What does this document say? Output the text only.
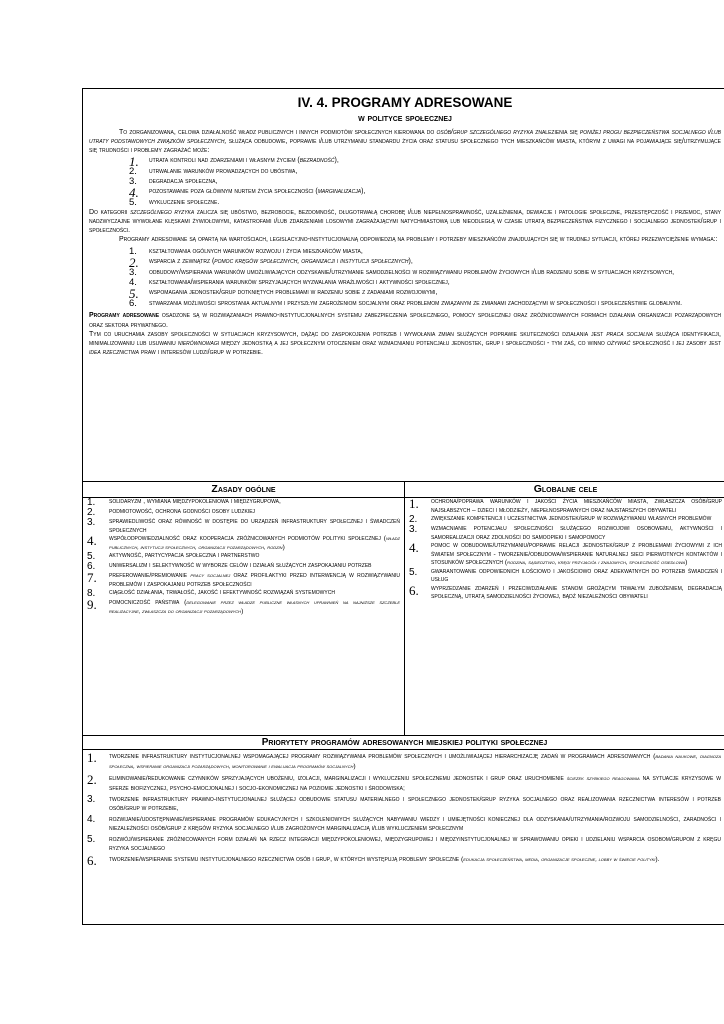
IV. 4. PROGRAMY ADRESOWANE
w polityce społecznej

To zorganizowana, celowa działalność władz publicznych i innych podmiotów społecznych kierowana do osób/grup szczególnego ryzyka znalezienia się poniżej progu bezpieczeństwa socjalnego i/lub utraty podstawowych związków społecznych, służąca odbudowie, poprawie i/lub utrzymaniu standardu życia oraz statusu społecznego tych mieszkańców miasta, którym z uwagi na pojawiające się/utrzymujące się trudności i problemy zagrażać może:

1.	utrata kontroli nad zdarzeniami i własnym życiem (bezradność),
2.	utrwalanie warunków prowadzących do ubóstwa,
3.	degradacja społeczna,
4.	pozostawanie poza głównym nurtem życia społeczności (marginalizacja),
5.	wykluczenie społeczne.

Do kategorii szczególnego ryzyka zalicza się ubóstwo, bezrobocie, bezdomność, długotrwałą chorobę i/lub niepełnosprawność, uzależnienia, dewiacje i patologie społeczne, przestępczość i przemoc, stany nadzwyczajne wywołane klęskami żywiołowymi, katastrofami i/lub zdarzeniami losowymi zagrażającymi natychmiastową lub nieodległą w czasie utratą bezpieczeństwa fizycznego i socjalnego jednostek/grup i społeczności.

Programy adresowane są opartą na wartościach, legislacyjno-instytucjonalną odpowiedzią na problemy i potrzeby mieszkańców znajdujących się w trudnej sytuacji, której przezwyciężenie wymaga::

1.	kształtowania ogólnych warunków rozwoju i życia mieszkańców miasta,
2.	wsparcia z zewnątrz (pomoc kręgów społecznych, organizacji i instytucji społecznych),
3.	odbudowy/wspierania warunków umożliwiających odzyskanie/utrzymanie samodzielności w rozwiązywaniu problemów życiowych i/lub radzeniu sobie w sytuacjach kryzysowych,
4.	kształtowania/wspierania warunków sprzyjających wyzwalania wrażliwości i aktywności społecznej,
5.	wspomagania jednostek/grup dotkniętych problemami w radzeniu sobie z zadaniami rozwojowymi,
6.	stwarzania możliwości sprostania aktualnym i przyszłym zagrożeniom socjalnym oraz problemom związanym ze zmianami zachodzącymi w społeczności i społeczeństwie globalnym.

Programy adresowane osadzone są w rozwiązaniach prawno-instytucjonalnych systemu zabezpieczenia społecznego, pomocy społecznej oraz zróżnicowanych formach działania organizacji pozarządowych oraz sektora prywatnego.

Tym co uruchamia zasoby społeczności w sytuacjach kryzysowych, dążąc do zaspokojenia potrzeb i wywołania zmian służących poprawie skuteczności działania jest praca socjalna służąca identyfikacji, minimalizowaniu lub usuwaniu nierównowagi między jednostką a jej społecznym otoczeniem oraz wzmacnianiu potencjału jednostek, grup i społeczności - tym zaś, co winno ożywiać społeczność i jej zasoby jest idea rzecznictwa praw i interesów ludzi/grup w potrzebie.

Zasady ogólne
1.	solidaryzm , wymiana międzypokoleniowa i międzygrupowa,
2.	podmiotowość, ochrona godności osoby ludzkiej
3.	sprawiedliwość oraz równość w dostępie do urządzeń infrastruktury społecznej i świadczeń społecznych
4.	współodpowiedzialność oraz kooperacja zróżnicowanych podmiotów polityki społecznej (władz publicznych, instytucji społecznych, organizacji pozarządowych, rodzin)
5.	aktywność, partycypacja społeczna i partnerstwo
6.	uniwersalizm i selektywność w wyborze celów i działań służących zaspokajaniu potrzeb
7.	preferowanie/premiowanie pracy socjalnej oraz profilaktyki przed interwencją w rozwiązywaniu problemów i zaspokajaniu potrzeb społeczności
8.	ciągłość działania, trwałość, jakość i efektywność rozwiązań systemowych
9.	pomocniczość państwa (delegowanie przez władze publiczne własnych uprawnień na najniższe szczeble realizacyjne, zwłaszcza do organizacji pozarządowych)
Globalne cele
1.	ochrona/poprawa warunków i jakości życia mieszkańców miasta, zwłaszcza osób/grup najsłabszych – dzieci i młodzieży, niepełnosprawnych oraz najstarszych obywateli
2.	zwiększanie kompetencji i uczestnictwa jednostek/grup w rozwiązywaniu własnych problemów
3.	wzmacnianie potencjału społeczności służącego rozwojowi osobowemu, aktywności i samorealizacji oraz zdolności do samoopieki i samopomocy
4.	pomoc w odbudowie/utrzymaniu/poprawie relacji jednostek/grup z problemami życiowymi z ich światem społecznym - tworzenie/odbudowa/wspieranie naturalnej sieci pierwotnych kontaktów i stosunków społecznych (rodzina, sąsiedztwo, kręgi przyjaciół i znajomych, społeczność osiedlowa)
5.	gwarantowanie odpowiednich ilościowo i jakościowo oraz adekwatnych do potrzeb świadczeń i usług
6.	wyprzedzanie zdarzeń i przeciwdziałanie stanom grożącym trwałym zubożeniem, degradacją społeczną, utratą samodzielności życiowej, bądź niezależności obywateli
Priorytety programów adresowanych miejskiej polityki społecznej
1.	tworzenie infrastruktury instytucjonalnej wspomagającej programy rozwiązywania problemów społecznych i umożliwiającej hierarchizację zadań w programach adresowanych (badania naukowe, diagnoza społeczna, wspieranie organizacji pozarządowych, monitorowanie i ewaluacja programów socjalnych)
2.	eliminowanie/redukowanie czynników sprzyjających ubożeniu, izolacji, marginalizacji i wykluczeniu społecznemu jednostek i grup oraz uruchomienie ścieżek szybkiego reagowania na sytuacje kryzysowe w sferze biofizycznej, psycho-emocjonalnej i socjo-ekonomicznej na poziomie jednostki i środowiska;
3.	tworzenie infrastruktury prawno-instytucjonalnej służącej odbudowie statusu materialnego i społecznego jednostek/grup ryzyka socjalnego oraz realizowania rzecznictwa interesów i potrzeb osób/grup w potrzebie,
4.	rozwijanie/udostępnianie/wspieranie programów edukacyjnych i szkoleniowych służących nabywaniu wiedzy i umiejętności koniecznej dla odzyskania/utrzymania/rozwoju samodzielności, zaradności i niezależności osób/grup z kręgów ryzyka socjalnego i/lub zagrożonych marginalizacją i/lub wykluczeniem społecznym
5.	rozwój/wspieranie zróżnicowanych form działań na rzecz integracji międzypokoleniowej, międzygrupowej i międzyinstytucjonalnej w sprawowaniu opieki i udzielaniu wsparcia osobom/grupom z kręgu ryzyka socjalnego
6.	tworzenie/wspieranie systemu instytucjonalnego rzecznictwa osób i grup, w których występują problemy społeczne (edukacja społeczeństwa, media, organizacje społeczne, lobby w świecie polityki).
